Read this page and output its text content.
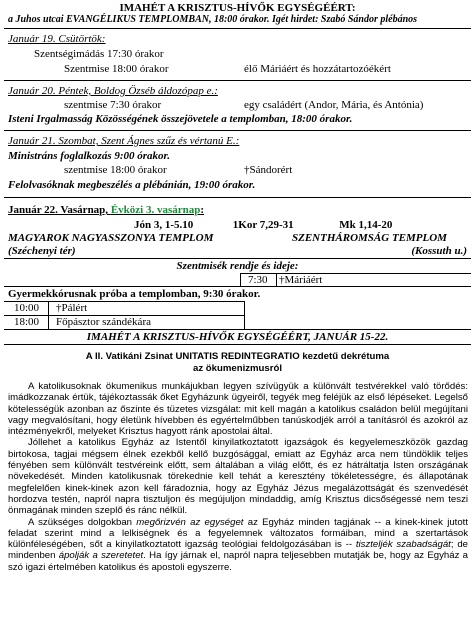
IMAHÉT A KRISZTUS-HÍVŐK EGYSÉGÉÉRT:
a Juhos utcai EVANGÉLIKUS TEMPLOMBAN, 18:00 órakor. Igét hirdet: Szabó Sándor plébános
Január 19. Csütörtök:
Szentségimádás 17:30 órakor
Szentmise 18:00 órakor	élő Máriáért és hozzátartozóékért
Január 20. Péntek, Boldog Özséb áldozópap e.:
szentmise 7:30 órakor	egy családért (Andor, Mária, és Antónia)
Isteni Irgalmasság Közösségének összejövetele a templomban, 18:00 órakor.
Január 21. Szombat, Szent Ágnes szűz és vértanú E.:
Ministráns foglalkozás 9:00 órakor.
szentmise 18:00 órakor	†Sándorért
Felolvasóknak megbeszélés a plébánián, 19:00 órakor.
Január 22. Vasárnap, Évközi 3. vasárnap:
Jón 3, 1-5.10	1Kor 7,29-31	Mk 1,14-20
MAGYAROK NAGYASSZONYA TEMPLOM
(Széchenyi tér)
SZENTHÁROMSÁG TEMPLOM
(Kossuth u.)
Szentmisék rendje és ideje:
7:30 †Máriáért
Gyermekkórusnak próba a templomban, 9:30 órakor.
10:00 †Pálért
18:00 Főpásztor szándékára
IMAHÉT A KRISZTUS-HÍVŐK EGYSÉGÉÉRT, JANUÁR 15-22.
A II. Vatikáni Zsinat UNITATIS REDINTEGRATIO kezdetű dekrétuma
az ökumenizmusról

A katolikusoknak ökumenikus munkájukban legyen szívügyük a különvált testvérekkel való törődés: imádkozzanak értük, tájékoztassák őket Egyházunk ügyeiről, tegyék meg feléjük az első lépéseket. Legelső kötelességük azonban az őszinte és tüzetes vizsgálat: mit kell magán a katolikus családon belül megújítani vagy megvalósítani, hogy életünk hívebben és egyértelműbben tanúskodjék arról a tanításról és azokról az intézményekről, melyeket Krisztus hagyott ránk apostolai által.

Jóllehet a katolikus Egyház az Istentől kinyilatkoztatott igazságok és kegyelemeszközök gazdag birtokosa, tagjai mégsem élnek ezekből kellő buzgósággal, emiatt az Egyház arca nem tündöklik teljes fényében sem különvált testvéreink előtt, sem általában a világ előtt, és ez hátráltatja Isten országának növekedését. Minden katolikusnak törekednie kell tehát a keresztény tökéletességre, és állapotának megfelelően kinek-kinek azon kell fáradoznia, hogy az Egyház Jézus megalázottságát és szenvedését hordozva testén, napról napra tisztuljon és megújuljon mindaddig, amíg Krisztus dicsőségessé nem teszi önmagának minden szeplő és ránc nélkül.

A szükséges dolgokban megőrizvén az egységet az Egyház minden tagjának -- a kinek-kinek jutott feladat szerint mind a lelkiségnek és a fegyelemnek változatos formáiban, mind a szertartások különféleségében, sőt a kinyilatkoztatott igazság teológiai feldolgozásában is -- tiszteljék szabadságát; de mindenben ápolják a szeretetet. Ha így járnak el, napról napra teljesebben mutatják be, hogy az Egyház a szó igazi értelmében katolikus és apostoli egyszerre.
